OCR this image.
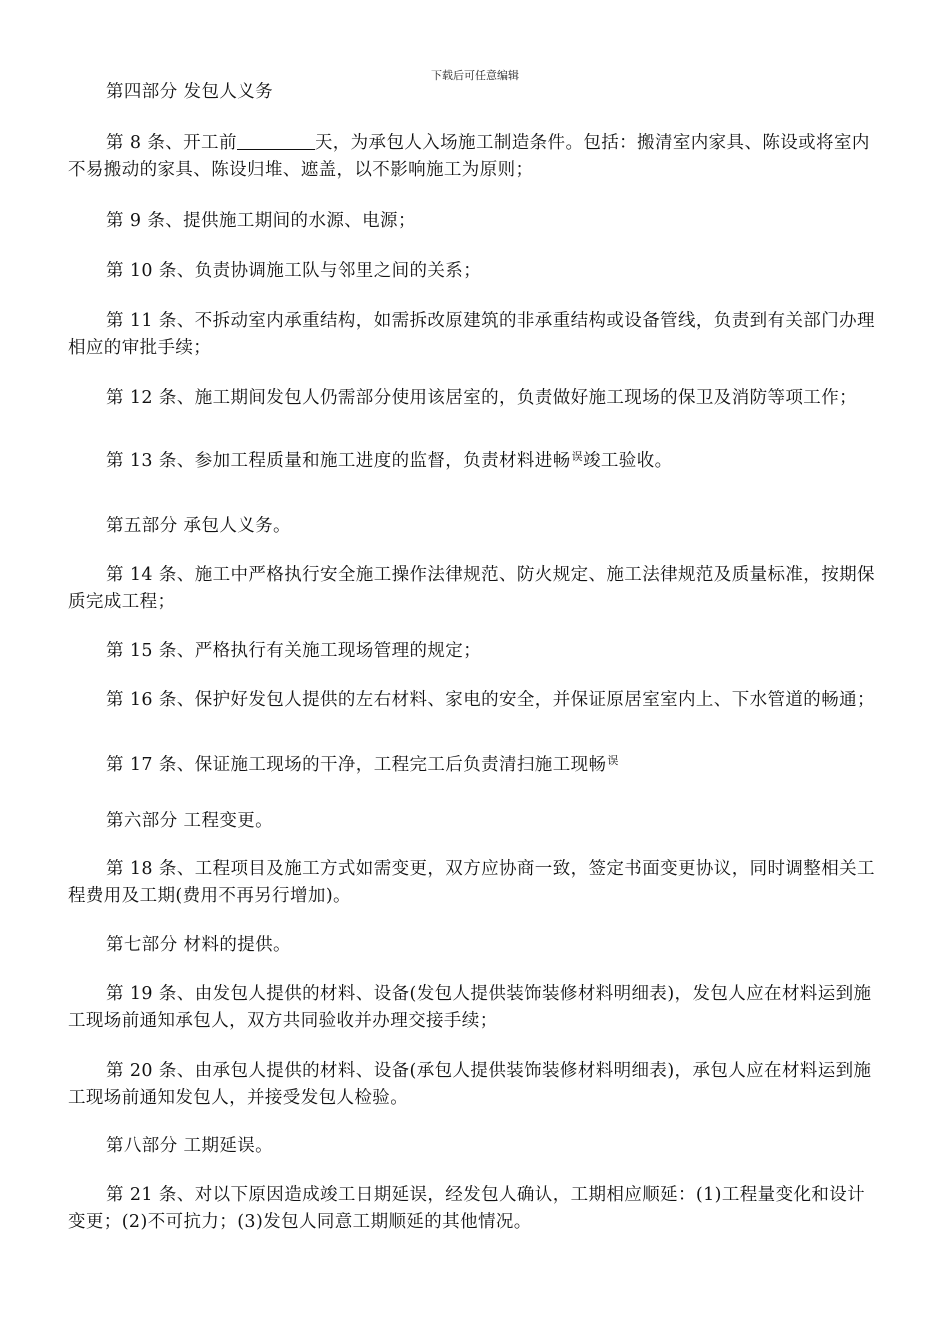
下载后可任意编辑

第四部分 发包人义务

第 8 条、开工前	天，为承包人入场施工制造条件。包括：搬清室内家具、陈设或将室内不易搬动的家具、陈设归堆、遮盖，以不影响施工为原则；

第 9 条、提供施工期间的水源、电源；

第 10 条、负责协调施工队与邻里之间的关系；

第 11 条、不拆动室内承重结构，如需拆改原建筑的非承重结构或设备管线，负责到有关部门办理相应的审批手续；

第 12 条、施工期间发包人仍需部分使用该居室的，负责做好施工现场的保卫及消防等项工作；

第 13 条、参加工程质量和施工进度的监督，负责材料进畅$^误$竣工验收。

第五部分 承包人义务。

第 14 条、施工中严格执行安全施工操作法律规范、防火规定、施工法律规范及质量标准，按期保质完成工程；

第 15 条、严格执行有关施工现场管理的规定；

第 16 条、保护好发包人提供的左右材料、家电的安全，并保证原居室室内上、下水管道的畅通；

第 17 条、保证施工现场的干净，工程完工后负责清扫施工现畅$^误$

第六部分 工程变更。

第 18 条、工程项目及施工方式如需变更，双方应协商一致，签定书面变更协议，同时调整相关工程费用及工期(费用不再另行增加)。

第七部分 材料的提供。

第 19 条、由发包人提供的材料、设备(发包人提供装饰装修材料明细表)，发包人应在材料运到施工现场前通知承包人，双方共同验收并办理交接手续；

第 20 条、由承包人提供的材料、设备(承包人提供装饰装修材料明细表)，承包人应在材料运到施工现场前通知发包人，并接受发包人检验。

第八部分 工期延误。

第 21 条、对以下原因造成竣工日期延误，经发包人确认，工期相应顺延：(1)工程量变化和设计变更；(2)不可抗力；(3)发包人同意工期顺延的其他情况。
